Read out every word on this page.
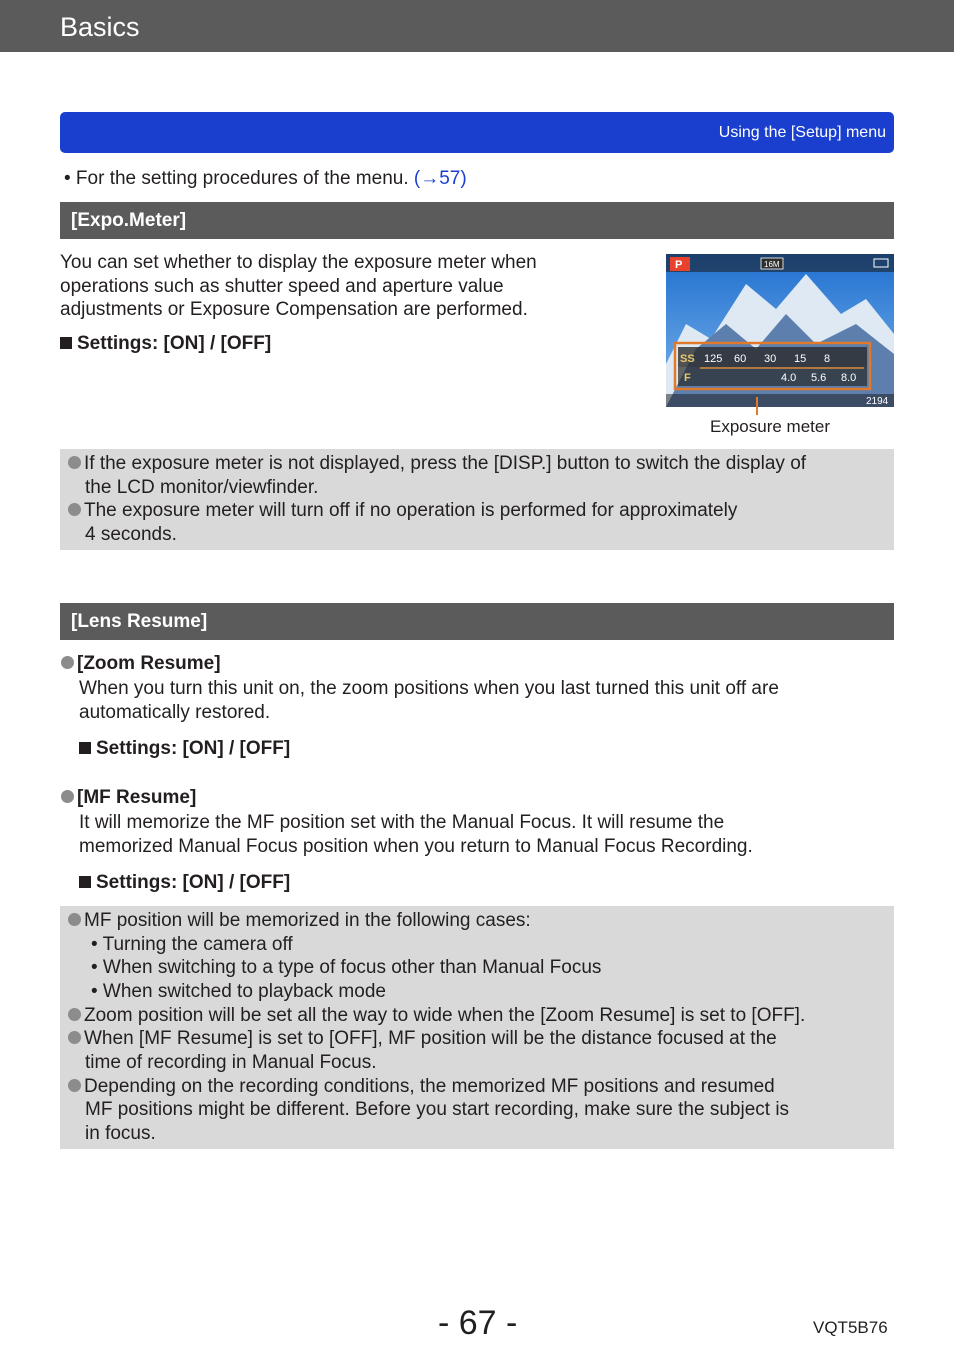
Basics
Using the [Setup] menu
• For the setting procedures of the menu. (→57)
[Expo.Meter]
You can set whether to display the exposure meter when
operations such as shutter speed and aperture value
adjustments or Exposure Compensation are performed.
Settings: [ON] / [OFF]
P	16M
SS
F
125 60 30 15 8
4.0 5.6 8.0
2194
Exposure meter
If the exposure meter is not displayed, press the [DISP.] button to switch the display of
the LCD monitor/viewfinder.
The exposure meter will turn off if no operation is performed for approximately
4 seconds.
[Lens Resume]
[Zoom Resume]
When you turn this unit on, the zoom positions when you last turned this unit off are
automatically restored.
Settings: [ON] / [OFF]
[MF Resume]
It will memorize the MF position set with the Manual Focus. It will resume the
memorized Manual Focus position when you return to Manual Focus Recording.
Settings: [ON] / [OFF]
MF position will be memorized in the following cases:
• Turning the camera off
• When switching to a type of focus other than Manual Focus
• When switched to playback mode
Zoom position will be set all the way to wide when the [Zoom Resume] is set to [OFF].
When [MF Resume] is set to [OFF], MF position will be the distance focused at the
time of recording in Manual Focus.
Depending on the recording conditions, the memorized MF positions and resumed
MF positions might be different. Before you start recording, make sure the subject is
in focus.
- 67 -	VQT5B76
